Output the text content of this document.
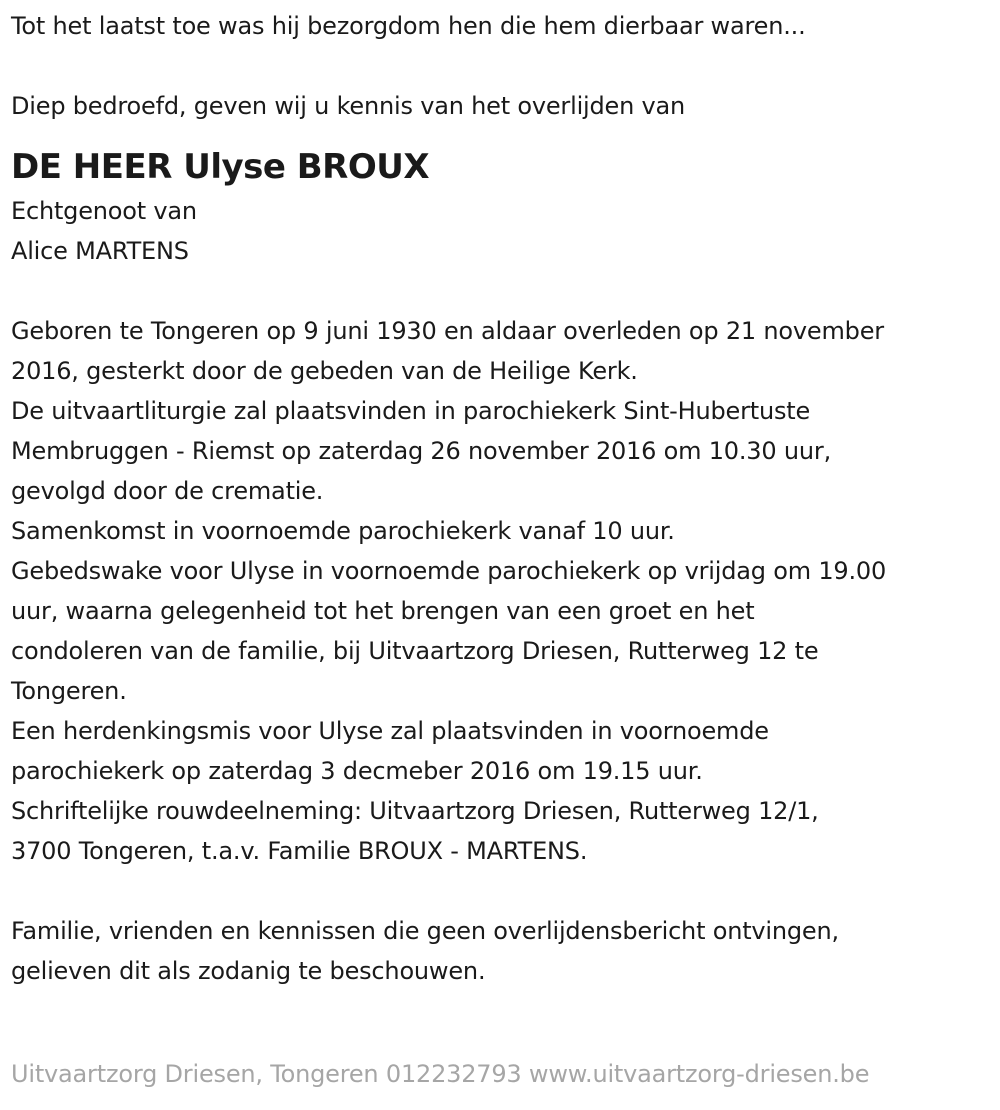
Tot het laatst toe was hij bezorgdom hen die hem dierbaar waren...

Diep bedroefd, geven wij u kennis van het overlijden van

DE HEER Ulyse BROUX

Echtgenoot van

Alice MARTENS

Geboren te Tongeren op 9 juni 1930 en aldaar overleden op 21 november

2016, gesterkt door de gebeden van de Heilige Kerk.

De uitvaartliturgie zal plaatsvinden in parochiekerk Sint-Hubertuste

Membruggen - Riemst op zaterdag 26 november 2016 om 10.30 uur,

gevolgd door de crematie.

Samenkomst in voornoemde parochiekerk vanaf 10 uur.

Gebedswake voor Ulyse in voornoemde parochiekerk op vrijdag om 19.00

uur, waarna gelegenheid tot het brengen van een groet en het

condoleren van de familie, bij Uitvaartzorg Driesen, Rutterweg 12 te

Tongeren.

Een herdenkingsmis voor Ulyse zal plaatsvinden in voornoemde

parochiekerk op zaterdag 3 decmeber 2016 om 19.15 uur.

Schriftelijke rouwdeelneming: Uitvaartzorg Driesen, Rutterweg 12/1,

3700 Tongeren, t.a.v. Familie BROUX - MARTENS.

Familie, vrienden en kennissen die geen overlijdensbericht ontvingen,

gelieven dit als zodanig te beschouwen.

Uitvaartzorg Driesen, Tongeren 012232793 www.uitvaartzorg-driesen.be
